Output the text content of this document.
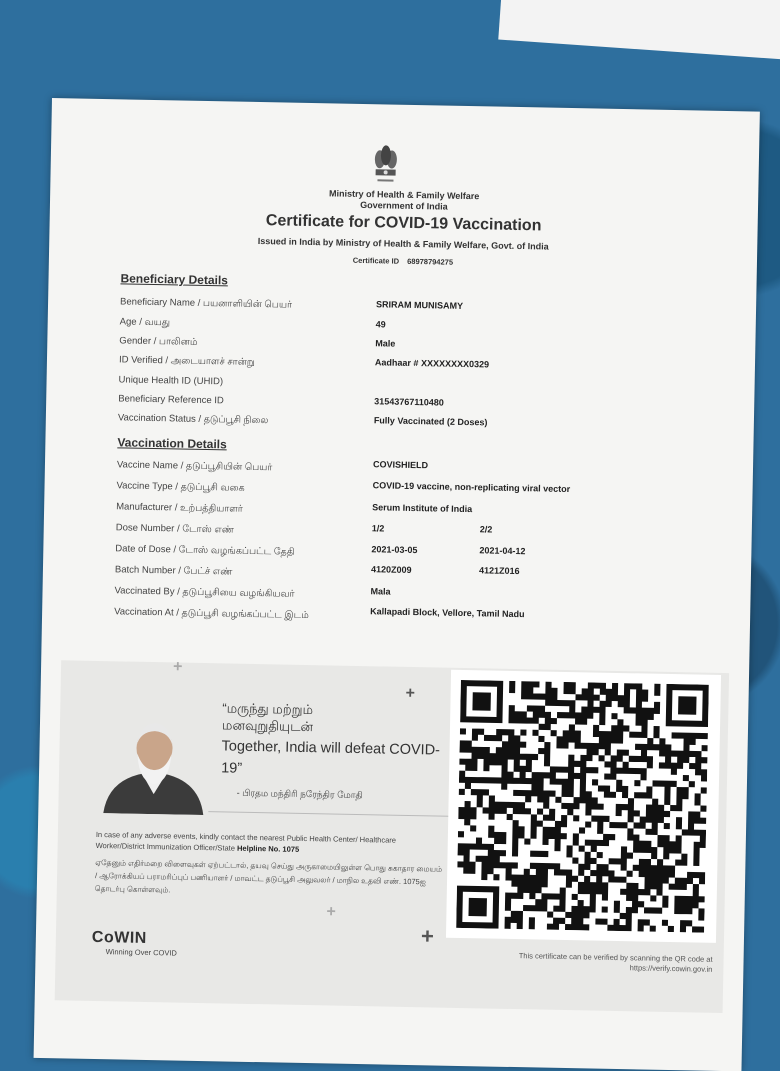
Ministry of Health & Family Welfare
Government of India
Certificate for COVID-19 Vaccination
Issued in India by Ministry of Health & Family Welfare, Govt. of India
Certificate ID 68978794275
Beneficiary Details
Beneficiary Name / பயனாளியின் பெயர்	SRIRAM MUNISAMY
Age / வயது	49
Gender / பாலினம்	Male
ID Verified / அடையாளச் சான்று	Aadhaar # XXXXXXXX0329
Unique Health ID (UHID)
Beneficiary Reference ID	31543767110480
Vaccination Status / தடுப்பூசி நிலை	Fully Vaccinated (2 Doses)
Vaccination Details
Vaccine Name / தடுப்பூசியின் பெயர்	COVISHIELD
Vaccine Type / தடுப்பூசி வகை	COVID-19 vaccine, non-replicating viral vector
Manufacturer / உற்பத்தியாளர்	Serum Institute of India
Dose Number / டோஸ் எண்	1/2	2/2
Date of Dose / டோஸ் வழங்கப்பட்ட தேதி	2021-03-05	2021-04-12
Batch Number / பேட்ச் எண்	4120Z009	4121Z016
Vaccinated By / தடுப்பூசியை வழங்கியவர்	Mala
Vaccination At / தடுப்பூசி வழங்கப்பட்ட இடம்	Kallapadi Block, Vellore, Tamil Nadu
“மருந்து மற்றும்
மனவுறுதியுடன்
Together, India will defeat COVID-19”
- பிரதம மந்திரி நரேந்திர மோதி
In case of any adverse events, kindly contact the nearest Public Health Center/ Healthcare Worker/District Immunization Officer/State Helpline No. 1075
ஏதேனும் எதிர்மறை விளைவுகள் ஏற்பட்டால், தயவு செய்து அருகாமையிலுள்ள பொது சுகாதார மையம் / ஆரோக்கியப் பராமரிப்புப் பணியாளர் / மாவட்ட தடுப்பூசி அலுவலர் / மாநில உதவி எண். 1075ஐ தொடர்பு கொள்ளவும்.
CoWIN
Winning Over COVID
+
+
+
This certificate can be verified by scanning the QR code at
https://verify.cowin.gov.in
+
